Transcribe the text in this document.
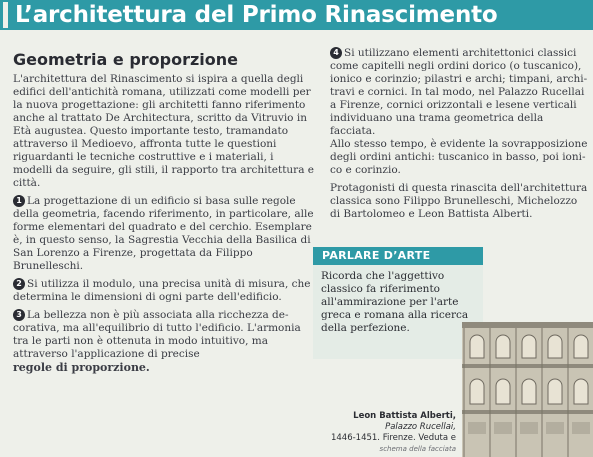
L’architettura del Primo Rinascimento
Geometria e proporzione

L'architettura del Rinascimento si ispira a quella degli edifici dell'antichità romana, utilizzati come modelli per la nuova progettazione: gli architetti fanno riferimento anche al trattato De Architectura, scritto da Vitruvio in Età augustea. Questo importante testo, tramandato attraverso il Medioevo, affronta tutte le questioni riguardanti le tecniche costruttive e i materiali, i modelli da seguire, gli stili, il rapporto tra architettura e città.

1 La progettazione di un edificio si basa sulle regole della geometria, facendo riferimento, in particolare, alle forme elementari del quadrato e del cerchio. Esemplare è, in questo senso, la Sagrestia Vecchia della Basilica di San Lorenzo a Firenze, progettata da Filippo Brunelleschi.

2 Si utilizza il modulo, una precisa unità di misura, che determina le dimensioni di ogni parte dell'edificio.

3 La bellezza non è più associata alla ricchezza decorativa, ma all'equilibrio di tutto l'edificio. L'armonia tra le parti non è ottenuta in modo intuitivo, ma attraverso l'applicazione di precise

regole di proporzione.

4 Si utilizzano elementi architettonici classici come capitelli negli ordini dorico (o tuscanico), ionico e corinzio; pilastri e archi; timpani, architravi e cornici. In tal modo, nel Palazzo Rucellai a Firenze, cornici orizzontali e lesene verticali individuano una trama geometrica della facciata.

Allo stesso tempo, è evidente la sovrapposizione degli ordini antichi: tuscanico in basso, poi ionico e corinzio.

Protagonisti di questa rinascita dell'architettura classica sono Filippo Brunelleschi, Michelozzo di Bartolomeo e Leon Battista Alberti.

PARLARE D’ARTE
Ricorda che l'aggettivo classico fa riferimento all'ammirazione per l'arte greca e romana alla ricerca della perfezione.
Leon Battista Alberti,
Palazzo Rucellai,
1446-1451. Firenze. Veduta e
schema della facciata
